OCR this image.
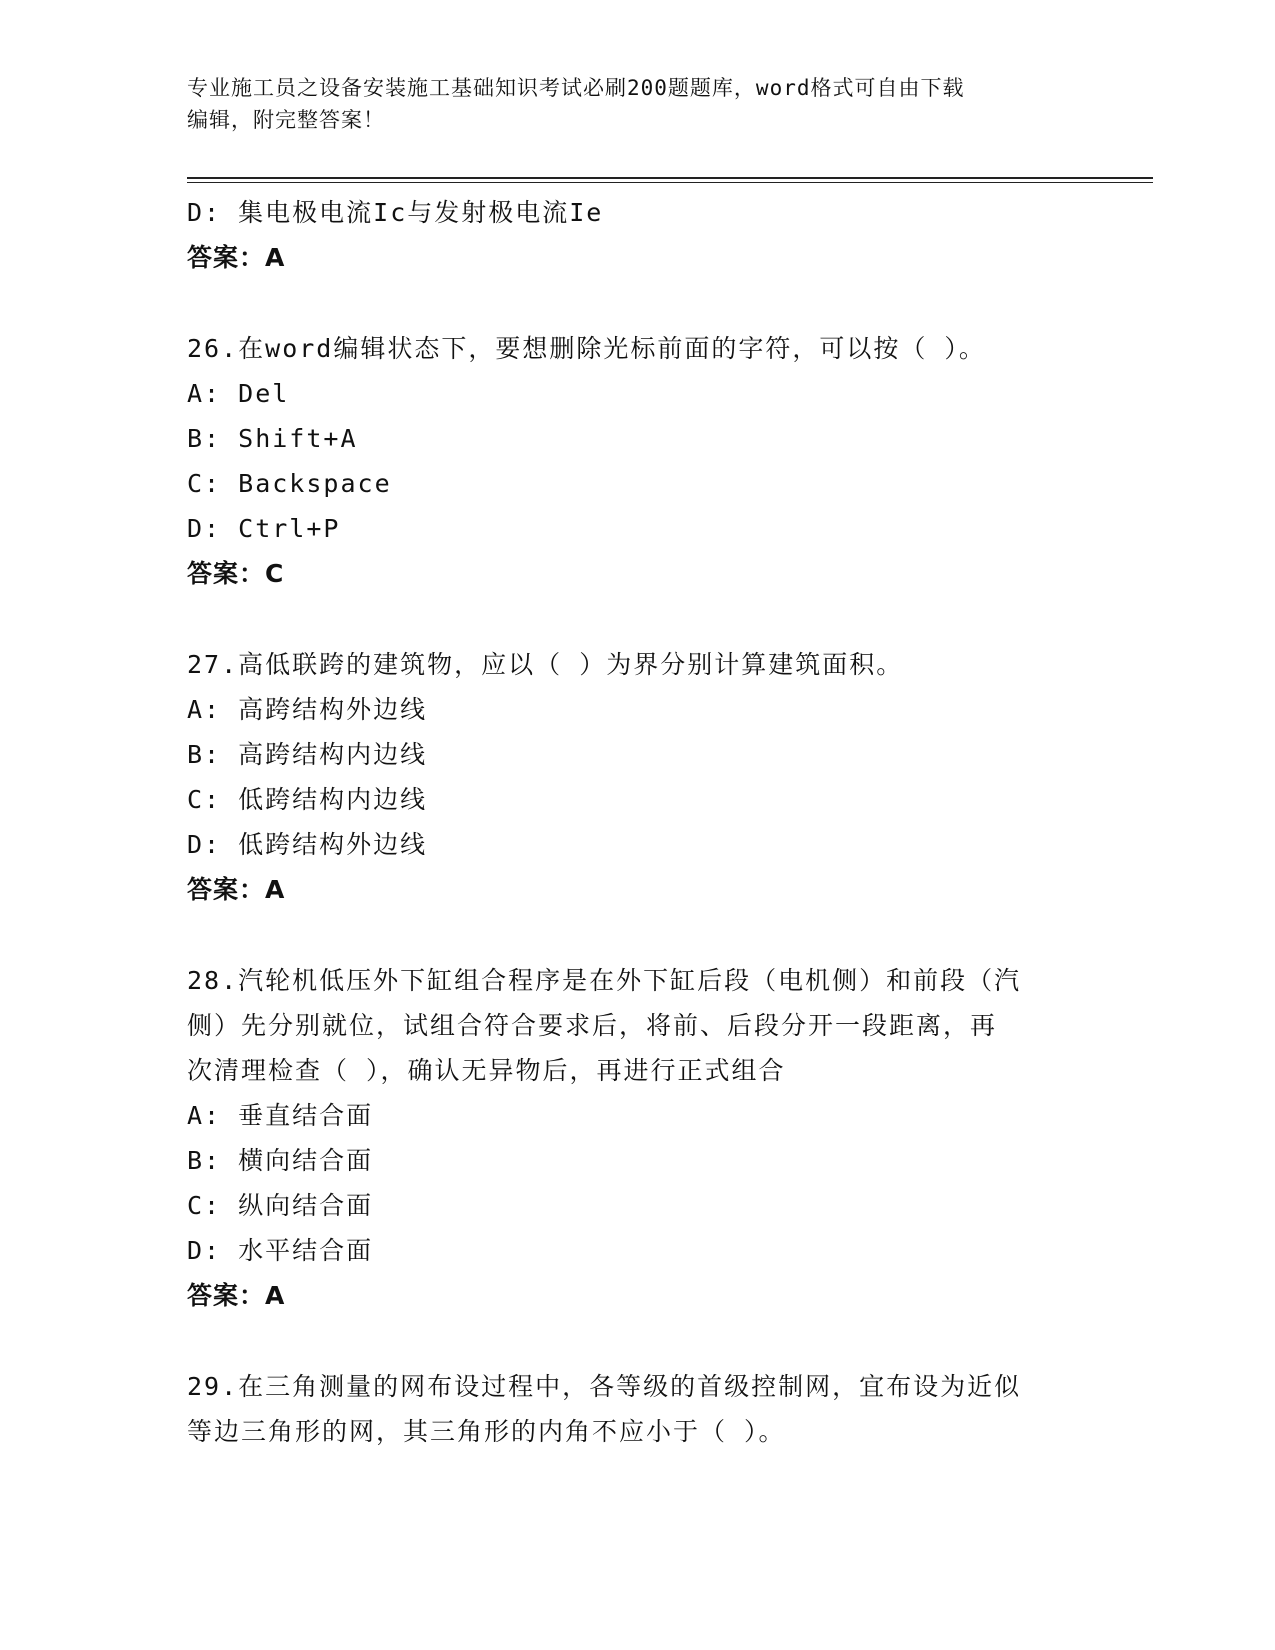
专业施工员之设备安装施工基础知识考试必刷200题题库，word格式可自由下载
编辑，附完整答案！
D: 集电极电流Ic与发射极电流Ie
答案：A
26.在word编辑状态下，要想删除光标前面的字符，可以按（ ）。
A: Del
B: Shift+A
C: Backspace
D: Ctrl+P
答案：C
27.高低联跨的建筑物，应以（ ）为界分别计算建筑面积。
A: 高跨结构外边线
B: 高跨结构内边线
C: 低跨结构内边线
D: 低跨结构外边线
答案：A
28.汽轮机低压外下缸组合程序是在外下缸后段（电机侧）和前段（汽
侧）先分别就位，试组合符合要求后，将前、后段分开一段距离，再
次清理检查（ ），确认无异物后，再进行正式组合
A: 垂直结合面
B: 横向结合面
C: 纵向结合面
D: 水平结合面
答案：A
29.在三角测量的网布设过程中，各等级的首级控制网，宜布设为近似
等边三角形的网，其三角形的内角不应小于（ ）。
